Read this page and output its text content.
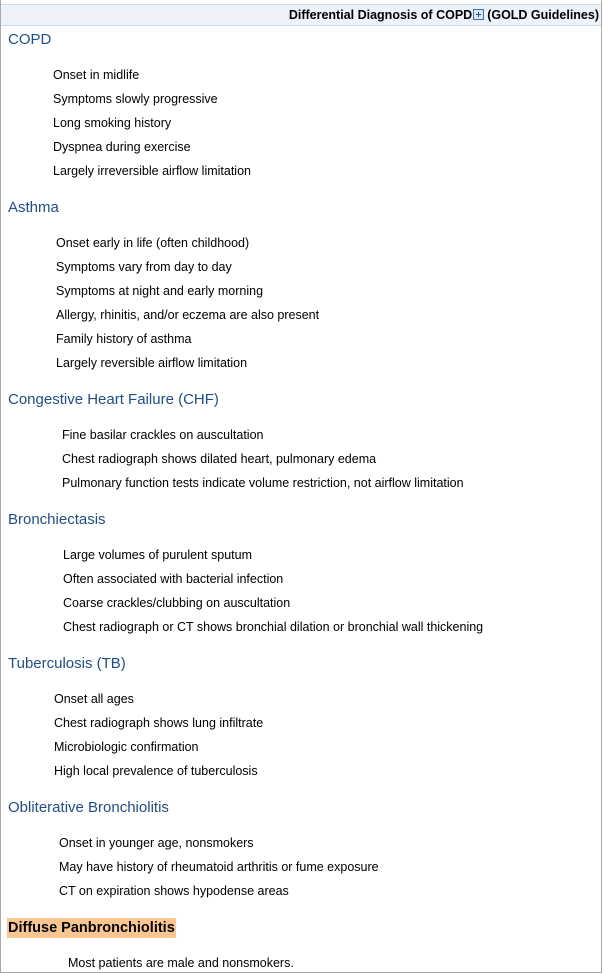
Differential Diagnosis of COPD (GOLD Guidelines)
COPD
Onset in midlife
Symptoms slowly progressive
Long smoking history
Dyspnea during exercise
Largely irreversible airflow limitation
Asthma
Onset early in life (often childhood)
Symptoms vary from day to day
Symptoms at night and early morning
Allergy, rhinitis, and/or eczema are also present
Family history of asthma
Largely reversible airflow limitation
Congestive Heart Failure (CHF)
Fine basilar crackles on auscultation
Chest radiograph shows dilated heart, pulmonary edema
Pulmonary function tests indicate volume restriction, not airflow limitation
Bronchiectasis
Large volumes of purulent sputum
Often associated with bacterial infection
Coarse crackles/clubbing on auscultation
Chest radiograph or CT shows bronchial dilation or bronchial wall thickening
Tuberculosis (TB)
Onset all ages
Chest radiograph shows lung infiltrate
Microbiologic confirmation
High local prevalence of tuberculosis
Obliterative Bronchiolitis
Onset in younger age, nonsmokers
May have history of rheumatoid arthritis or fume exposure
CT on expiration shows hypodense areas
Diffuse Panbronchiolitis
Most patients are male and nonsmokers.
